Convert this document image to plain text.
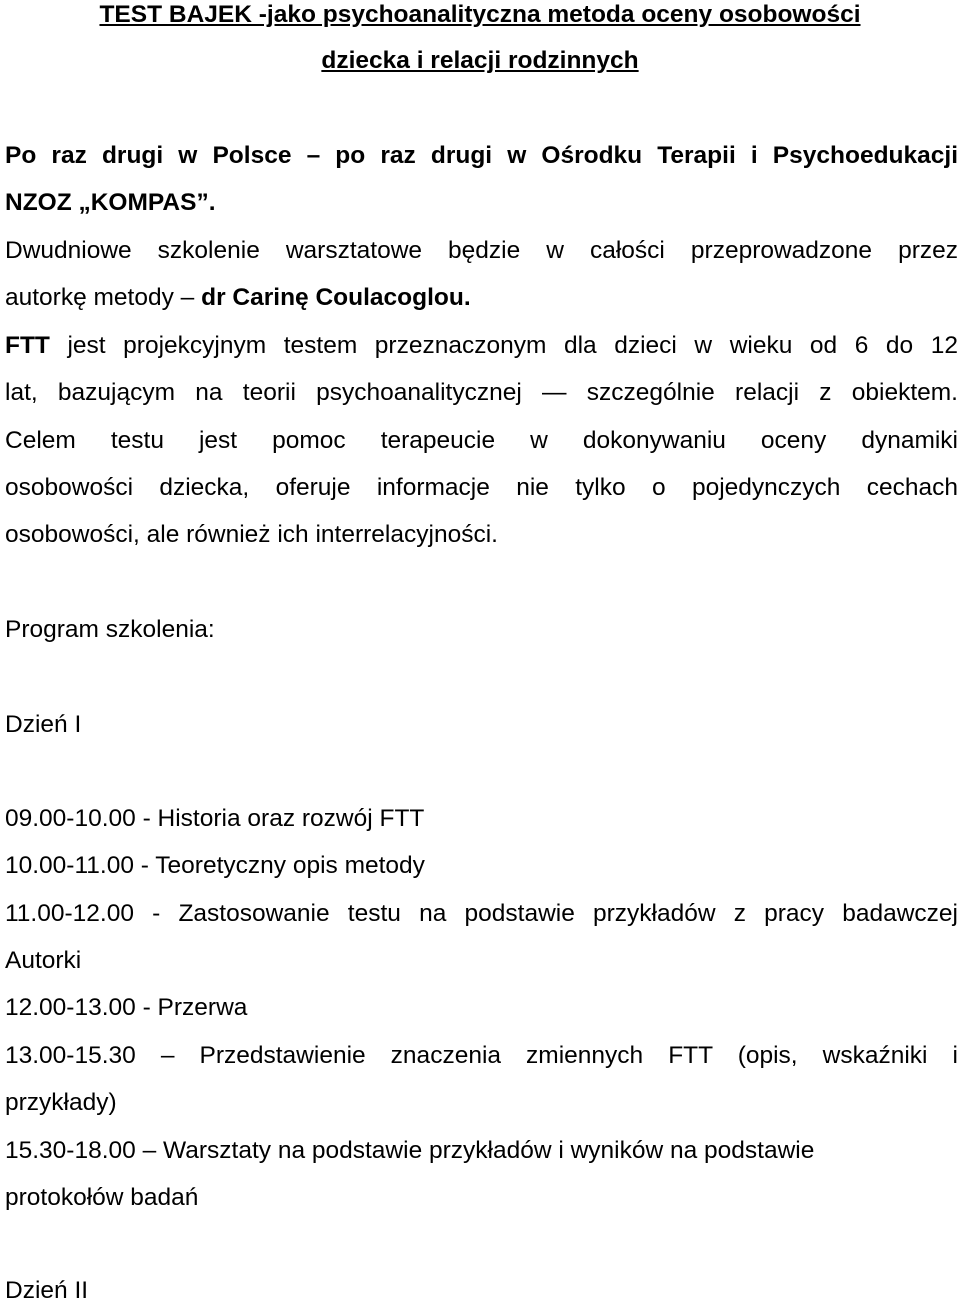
TEST BAJEK -jako psychoanalityczna metoda oceny osobowości
dziecka i relacji rodzinnych

Po raz drugi w Polsce – po raz drugi w Ośrodku Terapii i Psychoedukacji

NZOZ „KOMPAS”.

Dwudniowe szkolenie warsztatowe będzie w całości przeprowadzone przez

autorkę metody – dr Carinę Coulacoglou.

FTT jest projekcyjnym testem przeznaczonym dla dzieci w wieku od 6 do 12

lat, bazującym na teorii psychoanalitycznej — szczególnie relacji z obiektem.

Celem testu jest pomoc terapeucie w dokonywaniu oceny dynamiki

osobowości dziecka, oferuje informacje nie tylko o pojedynczych cechach

osobowości, ale również ich interrelacyjności.

Program szkolenia:
Dzień I

09.00-10.00 - Historia oraz rozwój FTT

10.00-11.00 - Teoretyczny opis metody

11.00-12.00 - Zastosowanie testu na podstawie przykładów z pracy badawczej

Autorki

12.00-13.00 - Przerwa

13.00-15.30 – Przedstawienie znaczenia zmiennych FTT (opis, wskaźniki i

przykłady)

15.30-18.00 – Warsztaty na podstawie przykładów i wyników na podstawie

protokołów badań

Dzień II
